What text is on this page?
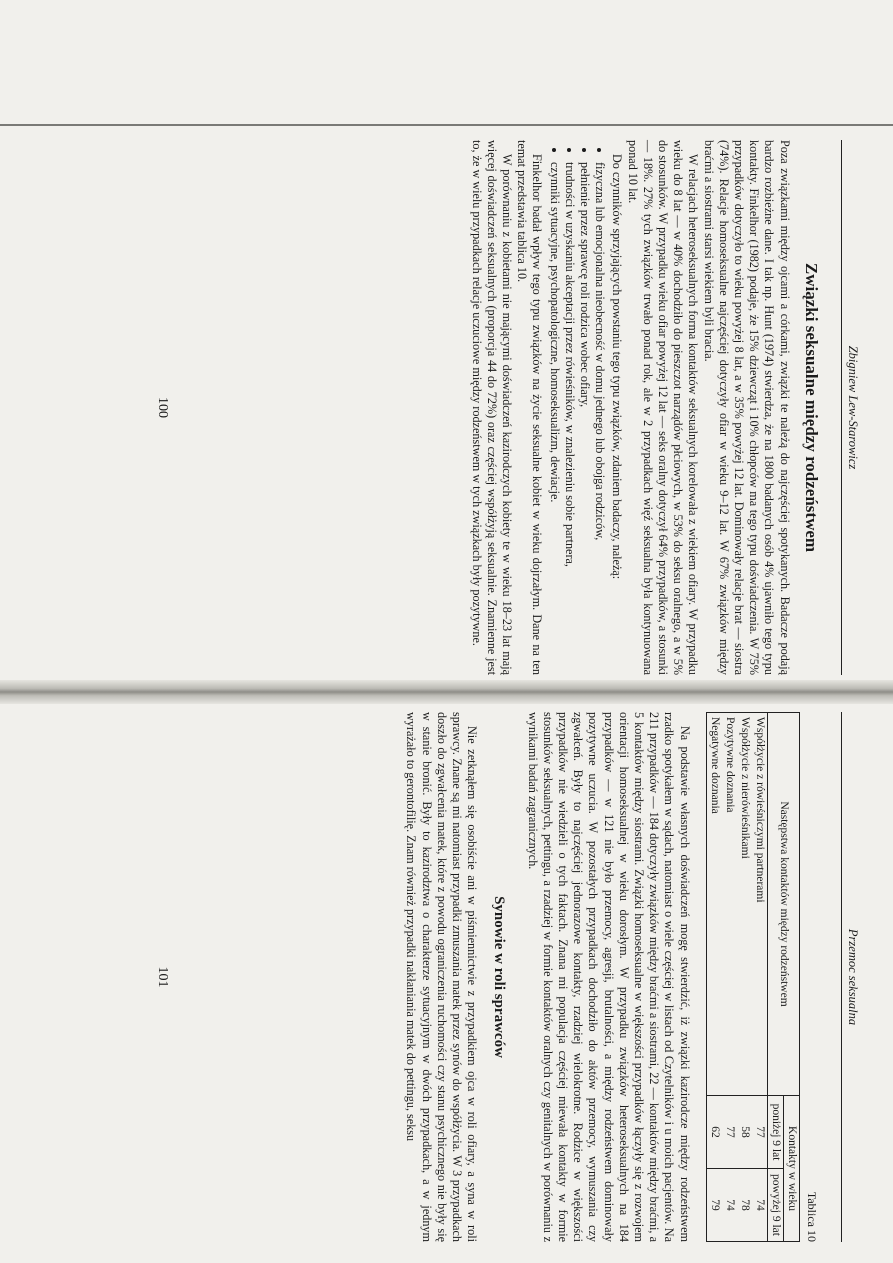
Zbigniew Lew-Starowicz
Związki seksualne między rodzeństwem

Poza związkami między ojcami a córkami, związki te należą do najczęściej spotykanych. Badacze podają bardzo rozbieżne dane. I tak np. Hunt (1974) stwierdza, że na 1800 badanych osób 4% ujawniło tego typu kontakty. Finkelhor (1982) podaje, że 15% dziewcząt i 10% chłopców ma tego typu doświadczenia. W 75% przypadków dotyczyło to wieku powyżej 8 lat, a w 35% powyżej 12 lat. Dominowały relacje brat — siostra (74%). Relacje homoseksualne najczęściej dotyczyły ofiar w wieku 9–12 lat. W 67% związków między braćmi a siostrami starsi wiekiem byli bracia.

W relacjach heteroseksualnych forma kontaktów seksualnych korelowała z wiekiem ofiary. W przypadku wieku do 8 lat — w 40% dochodziło do pieszczot narządów płciowych, w 53% do seksu oralnego, a w 5% do stosunków. W przypadku wieku ofiar powyżej 12 lat — seks oralny dotyczył 64% przypadków, a stosunki — 18%. 27% tych związków trwało ponad rok, ale w 2 przypadkach więź seksualna była kontynuowana ponad 10 lat.

Do czynników sprzyjających powstaniu tego typu związków, zdaniem badaczy, należą:

• fizyczna lub emocjonalna nieobecność w domu jednego lub obojga rodziców,
• pełnienie przez sprawcę roli rodzica wobec ofiary,
• trudności w uzyskaniu akceptacji przez rówieśników, w znalezieniu sobie partnera,
• czynniki sytuacyjne, psychopatologiczne, homoseksualizm, dewiacje.

Finkelhor badał wpływ tego typu związków na życie seksualne kobiet w wieku dojrzałym. Dane na ten temat przedstawia tablica 10.

W porównaniu z kobietami nie mającymi doświadczeń kazirodczych kobiety te w wieku 18–23 lat mają więcej doświadczeń seksualnych (proporcja 44 do 72%) oraz częściej współżyją seksualnie. Znamienne jest to, że w wielu przypadkach relacje uczuciowe między rodzeństwem w tych związkach były pozytywne.

100
Przemoc seksualna
Tablica 10
Następstwa kontaktów między rodzeństwem	Kontakty w wieku	
	poniżej 9 lat	powyżej 9 lat
Współżycie z rówieśniczymi partnerami	77	74
Współżycie z nierówieśnikami	58	78
Pozytywne doznania	77	74
Negatywne doznania	62	79

Na podstawie własnych doświadczeń mogę stwierdzić, iż związki kazirodcze między rodzeństwem rzadko spotykałem w sądach, natomiast o wiele częściej w listach od Czytelników i u moich pacjentów. Na 211 przypadków — 184 dotyczyły związków między braćmi a siostrami, 22 — kontaktów między braćmi, a 5 kontaktów między siostrami. Związki homoseksualne w większości przypadków łączyły się z rozwojem orientacji homoseksualnej w wieku dorosłym. W przypadku związków heteroseksualnych na 184 przypadków — w 121 nie było przemocy, agresji, brutalności, a między rodzeństwem dominowały pozytywne uczucia. W pozostałych przypadkach dochodziło do aktów przemocy, wymuszania czy zgwałceń. Były to najczęściej jednorazowe kontakty, rzadziej wielokrotne. Rodzice w większości przypadków nie wiedzieli o tych faktach. Znana mi populacja częściej miewała kontakty w formie stosunków seksualnych, pettingu, a rzadziej w formie kontaktów oralnych czy genitalnych w porównaniu z wynikami badań zagranicznych.

Synowie w roli sprawców

Nie zetknąłem się osobiście ani w piśmiennictwie z przypadkiem ojca w roli ofiary, a syna w roli sprawcy. Znane są mi natomiast przypadki zmuszania matek przez synów do współżycia. W 3 przypadkach doszło do zgwałcenia matek, które z powodu ograniczenia ruchomości czy stanu psychicznego nie były się w stanie bronić. Były to kazirodztwa o charakterze sytuacyjnym w dwóch przypadkach, a w jednym wyrażało to gerontofilię. Znam również przypadki nakłaniania matek do pettingu, seksu

101
